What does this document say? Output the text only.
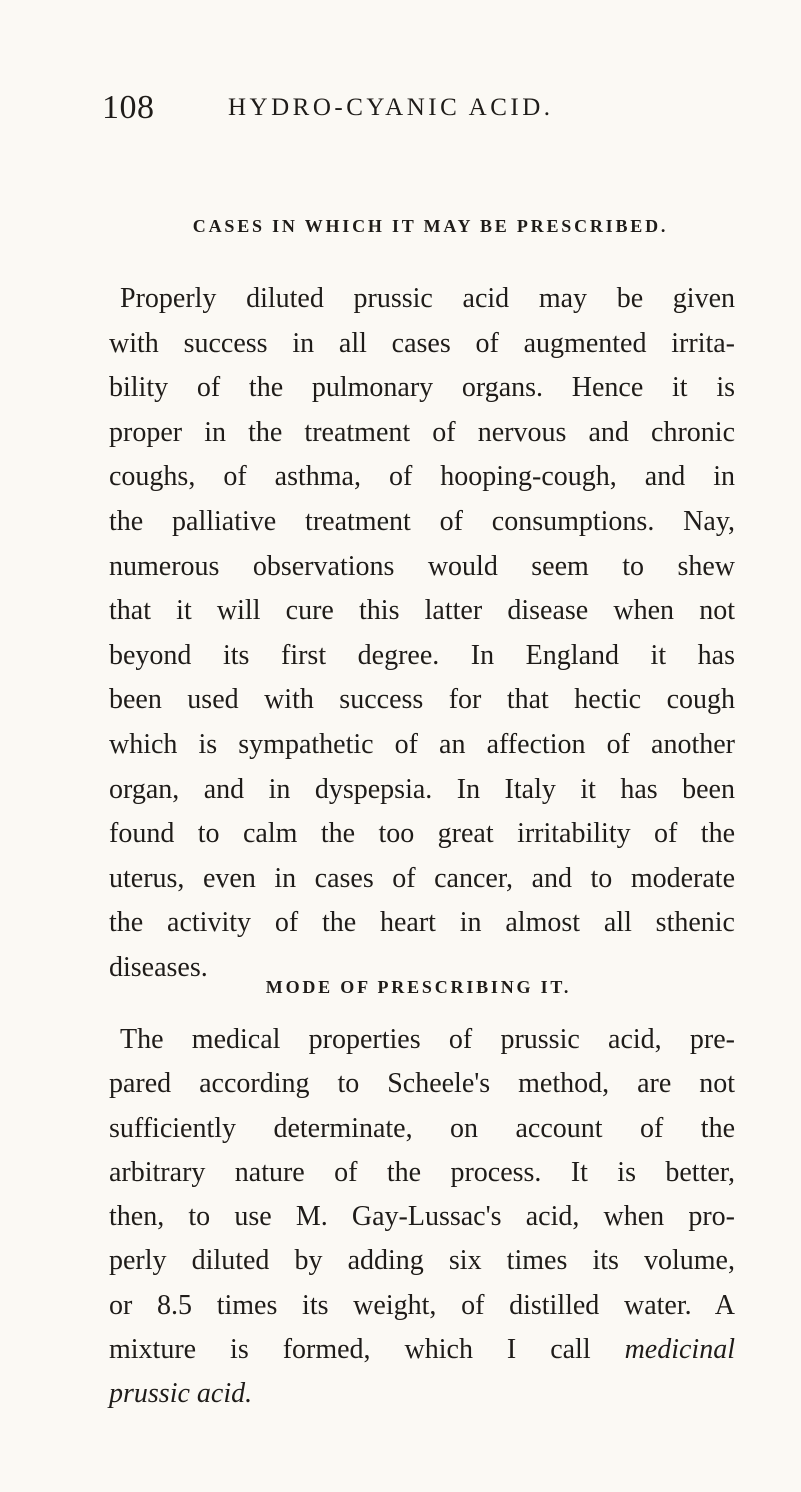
108	HYDRO-CYANIC ACID.
CASES IN WHICH IT MAY BE PRESCRIBED.

Properly diluted prussic acid may be given
with success in all cases of augmented irrita-
bility of the pulmonary organs. Hence it is
proper in the treatment of nervous and chronic
coughs, of asthma, of hooping-cough, and in
the palliative treatment of consumptions. Nay,
numerous observations would seem to shew
that it will cure this latter disease when not
beyond its first degree. In England it has
been used with success for that hectic cough
which is sympathetic of an affection of another
organ, and in dyspepsia. In Italy it has been
found to calm the too great irritability of the
uterus, even in cases of cancer, and to moderate
the activity of the heart in almost all sthenic
diseases.

MODE OF PRESCRIBING IT.

The medical properties of prussic acid, pre-
pared according to Scheele's method, are not
sufficiently determinate, on account of the
arbitrary nature of the process. It is better,
then, to use M. Gay-Lussac's acid, when pro-
perly diluted by adding six times its volume,
or 8.5 times its weight, of distilled water. A
mixture is formed, which I call medicinal
prussic acid.
